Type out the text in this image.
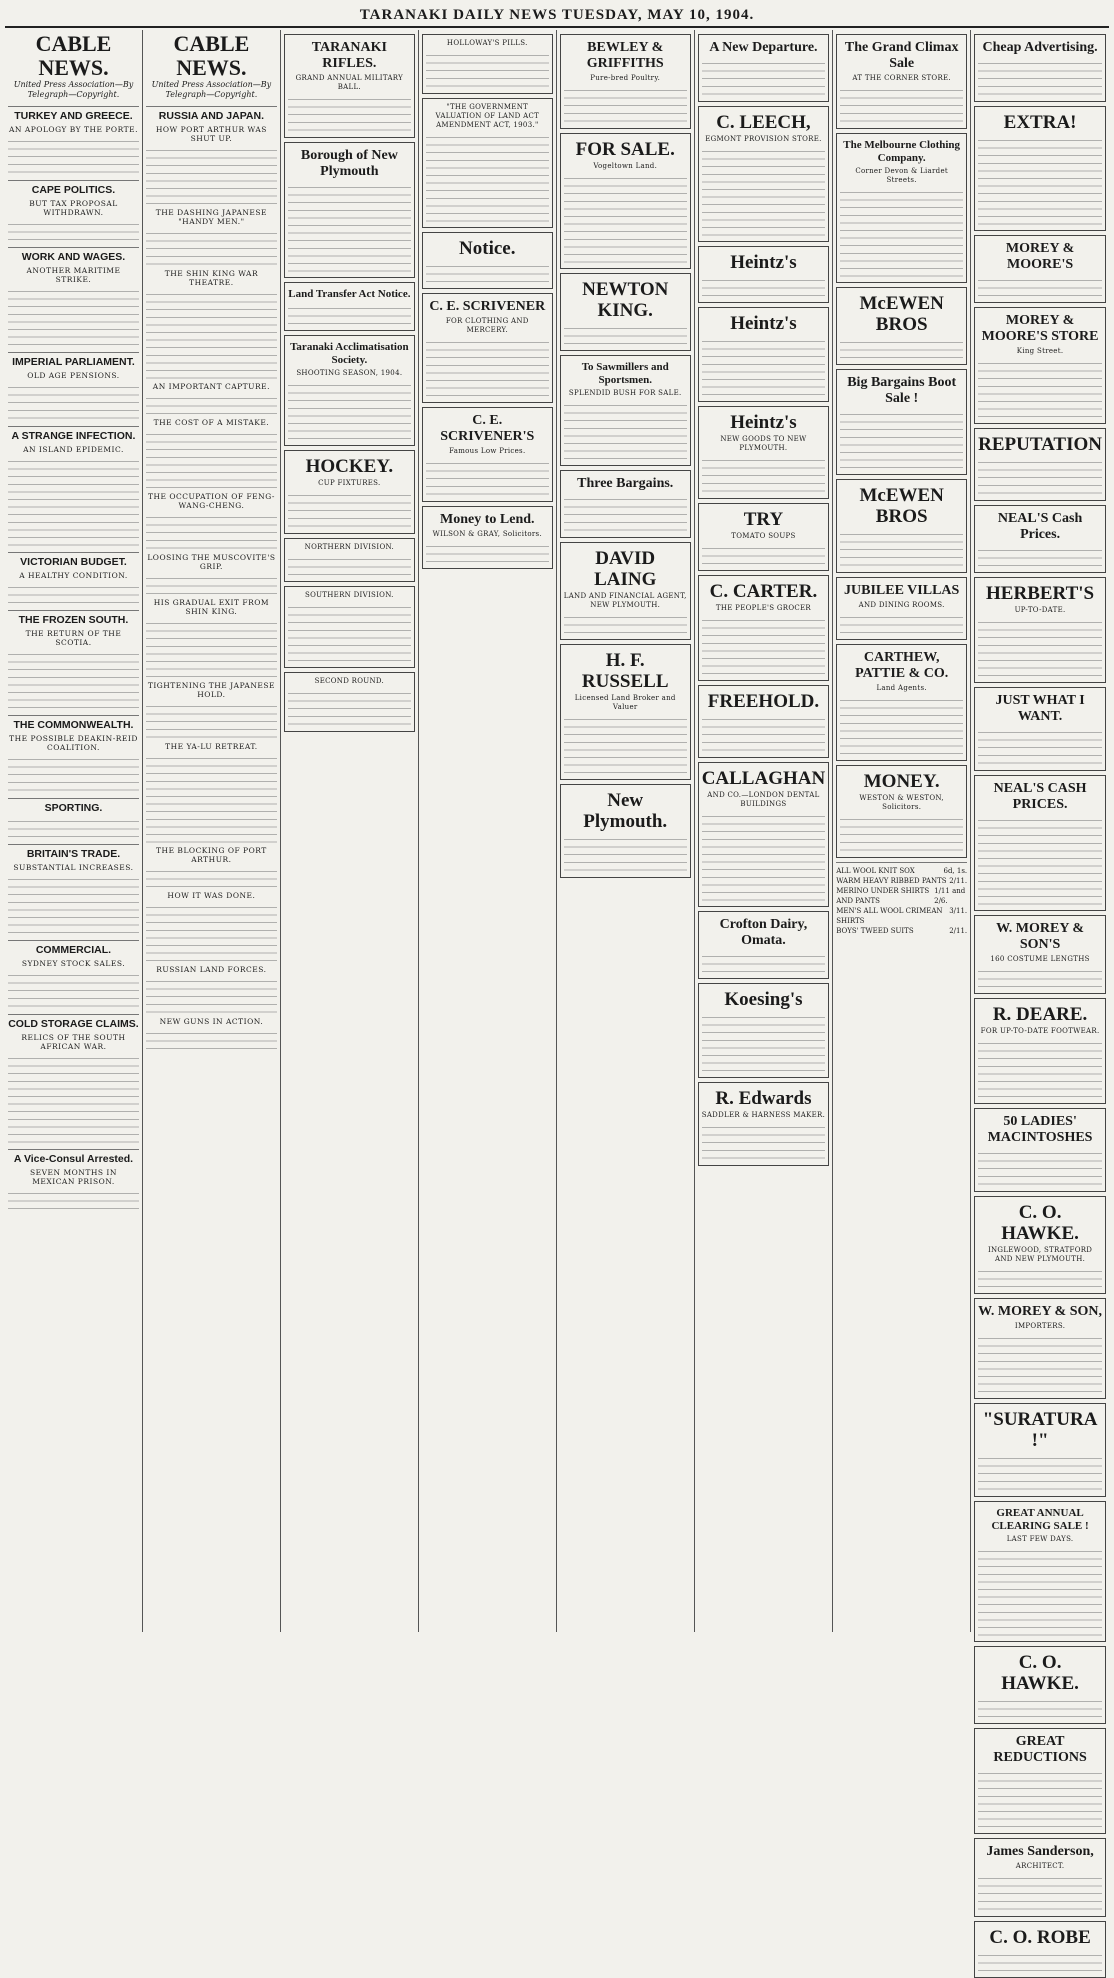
TARANAKI DAILY NEWS TUESDAY, MAY 10, 1904.
CABLE NEWS.
United Press Association—By Telegraph—Copyright.
TURKEY AND GREECE.
AN APOLOGY BY THE PORTE.
CAPE POLITICS.
BUT TAX PROPOSAL WITHDRAWN.
WORK AND WAGES.
ANOTHER MARITIME STRIKE.
IMPERIAL PARLIAMENT.
OLD AGE PENSIONS.
A STRANGE INFECTION.
AN ISLAND EPIDEMIC.
VICTORIAN BUDGET.
A HEALTHY CONDITION.
THE FROZEN SOUTH.
THE RETURN OF THE SCOTIA.
THE COMMONWEALTH.
THE POSSIBLE DEAKIN-REID COALITION.
SPORTING.
BRITAIN'S TRADE.
SUBSTANTIAL INCREASES.
COMMERCIAL.
SYDNEY STOCK SALES.
COLD STORAGE CLAIMS.
RELICS OF THE SOUTH AFRICAN WAR.
A Vice-Consul Arrested.
SEVEN MONTHS IN MEXICAN PRISON.
CABLE NEWS.
United Press Association—By Telegraph—Copyright.
RUSSIA AND JAPAN.
HOW PORT ARTHUR WAS SHUT UP.
THE DASHING JAPANESE "HANDY MEN."
THE SHIN KING WAR THEATRE.
AN IMPORTANT CAPTURE.
THE COST OF A MISTAKE.
THE OCCUPATION OF FENG-WANG-CHENG.
LOOSING THE MUSCOVITE'S GRIP.
HIS GRADUAL EXIT FROM SHIN KING.
TIGHTENING THE JAPANESE HOLD.
THE YA-LU RETREAT.
THE BLOCKING OF PORT ARTHUR.
HOW IT WAS DONE.
RUSSIAN LAND FORCES.
NEW GUNS IN ACTION.
TARANAKI RIFLES.
GRAND ANNUAL MILITARY BALL.
Borough of New Plymouth
Land Transfer Act Notice.
Taranaki Acclimatisation Society.
SHOOTING SEASON, 1904.
HOCKEY.
CUP FIXTURES.
NORTHERN DIVISION.
SOUTHERN DIVISION.
SECOND ROUND.
HOLLOWAY'S PILLS.
"THE GOVERNMENT VALUATION OF LAND ACT AMENDMENT ACT, 1903."
Notice.
C. E. SCRIVENER
FOR CLOTHING AND MERCERY.
C. E. SCRIVENER'S
Famous Low Prices.
Money to Lend.
WILSON & GRAY, Solicitors.
BEWLEY & GRIFFITHS
Pure-bred Poultry.
FOR SALE.
Vogeltown Land.
NEWTON KING.
To Sawmillers and Sportsmen.
SPLENDID BUSH FOR SALE.
Three Bargains.
DAVID LAING
LAND AND FINANCIAL AGENT, NEW PLYMOUTH.
H. F. RUSSELL
Licensed Land Broker and Valuer
New Plymouth.
A New Departure.
C. LEECH,
EGMONT PROVISION STORE.
Heintz's
Heintz's
Heintz's
NEW GOODS TO NEW PLYMOUTH.
TRY
TOMATO SOUPS
C. CARTER.
THE PEOPLE'S GROCER
FREEHOLD.
CALLAGHAN
AND CO.—LONDON DENTAL BUILDINGS
Crofton Dairy, Omata.
Koesing's
R. Edwards
SADDLER & HARNESS MAKER.
The Grand Climax Sale
AT THE CORNER STORE.
The Melbourne Clothing Company.
Corner Devon & Liardet Streets.
McEWEN BROS
Big Bargains Boot Sale !
McEWEN BROS
JUBILEE VILLAS
AND DINING ROOMS.
CARTHEW, PATTIE & CO.
Land Agents.
MONEY.
WESTON & WESTON, Solicitors.
ALL WOOL KNIT SOX	6d, 1s.
WARM HEAVY RIBBED PANTS 2/11.
MERINO UNDER SHIRTS AND PANTS
1/11 and 2/6.
MEN'S ALL WOOL CRIMEAN SHIRTS
3/11.
BOYS' TWEED SUITS	2/11.
Cheap Advertising.
EXTRA!
MOREY & MOORE'S
MOREY & MOORE'S STORE
King Street.
REPUTATION
NEAL'S Cash Prices.
HERBERT'S
UP-TO-DATE.
JUST WHAT I WANT.
NEAL'S CASH PRICES.
W. MOREY & SON'S
160 COSTUME LENGTHS
R. DEARE.
FOR UP-TO-DATE FOOTWEAR.
50 LADIES' MACINTOSHES
C. O. HAWKE.
INGLEWOOD, STRATFORD AND NEW PLYMOUTH.
W. MOREY & SON,
IMPORTERS.
"SURATURA !"
GREAT ANNUAL CLEARING SALE !
LAST FEW DAYS.
C. O. HAWKE.
GREAT REDUCTIONS
James Sanderson,
ARCHITECT.
C. O. ROBE
